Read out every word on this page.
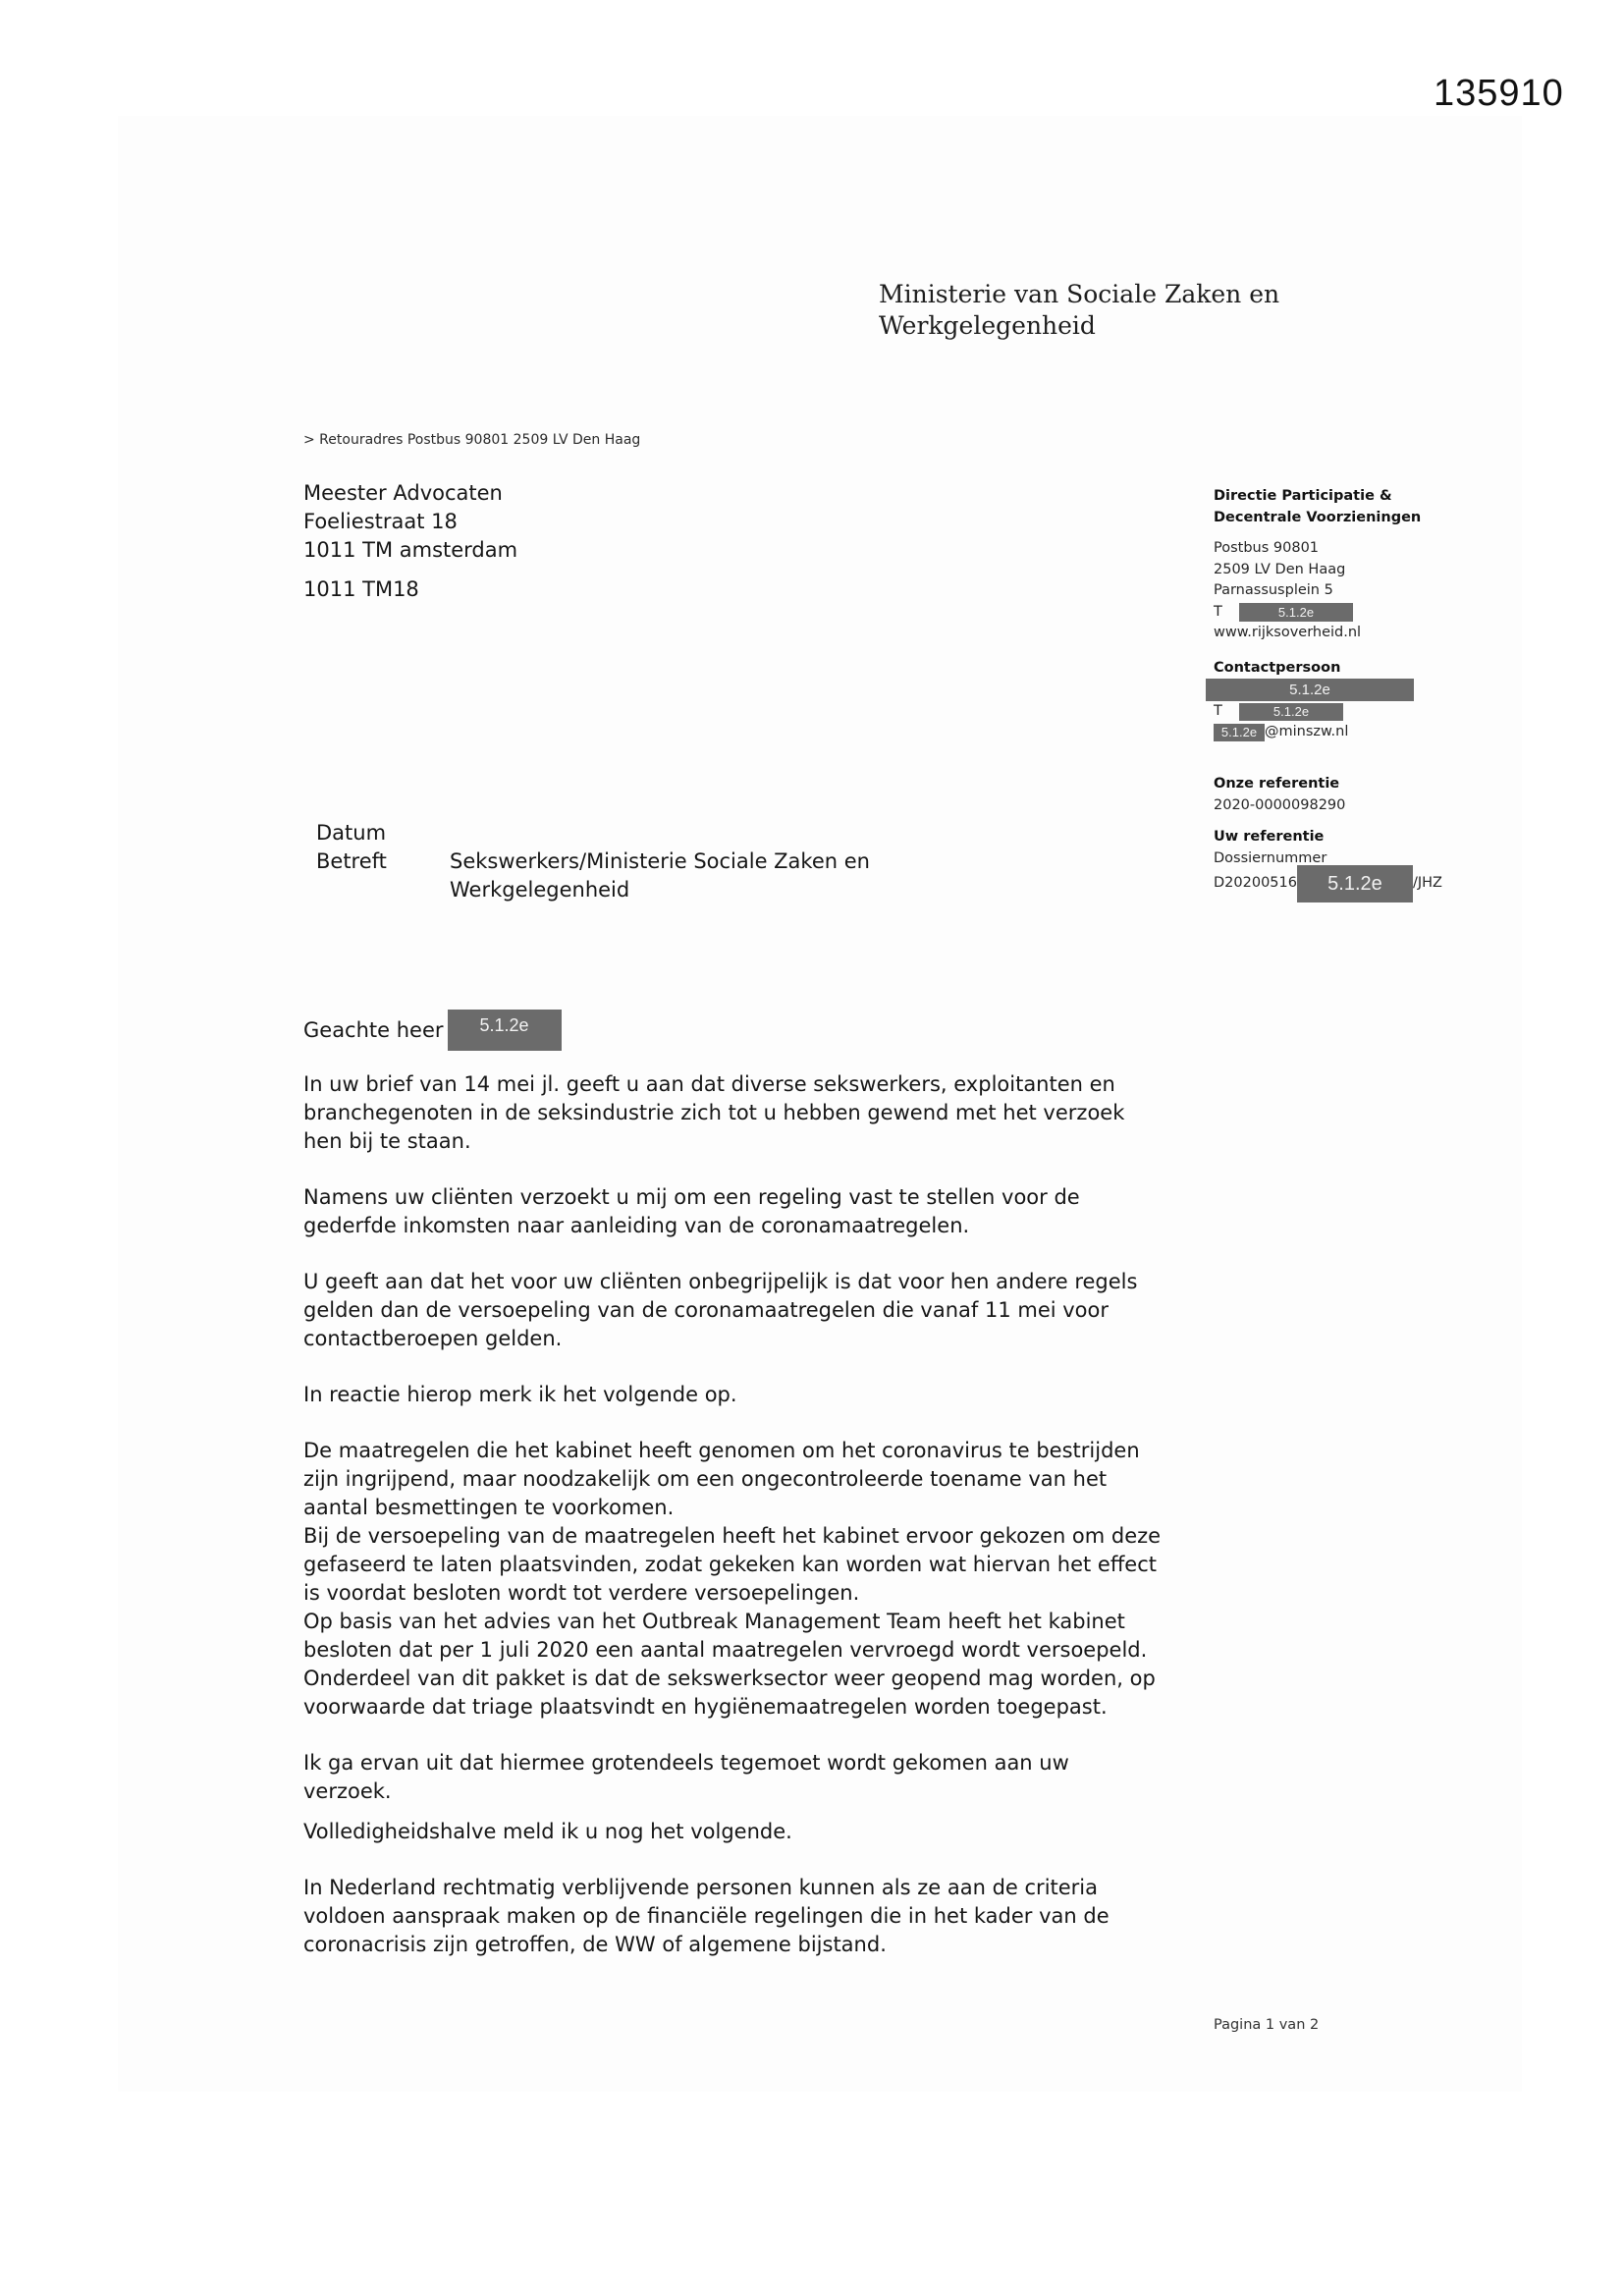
135910
Ministerie van Sociale Zaken en
Werkgelegenheid
> Retouradres Postbus 90801 2509 LV Den Haag
Meester Advocaten
Foeliestraat 18
1011 TM amsterdam
1011 TM18
Directie Participatie &
Decentrale Voorzieningen
Postbus 90801
2509 LV Den Haag
Parnassusplein 5
T	5.1.2e
www.rijksoverheid.nl
Contactpersoon
5.1.2e
T	5.1.2e
5.1.2e @minszw.nl
Onze referentie
2020-0000098290
Uw referentie
Dossiernummer
D20200516	5.1.2e	/JHZ
Datum
Betreft	Sekswerkers/Ministerie Sociale Zaken en
Werkgelegenheid
Geachte heer	5.1.2e

In uw brief van 14 mei jl. geeft u aan dat diverse sekswerkers, exploitanten en
branchegenoten in de seksindustrie zich tot u hebben gewend met het verzoek
hen bij te staan.

Namens uw cliënten verzoekt u mij om een regeling vast te stellen voor de
gederfde inkomsten naar aanleiding van de coronamaatregelen.

U geeft aan dat het voor uw cliënten onbegrijpelijk is dat voor hen andere regels
gelden dan de versoepeling van de coronamaatregelen die vanaf 11 mei voor
contactberoepen gelden.

In reactie hierop merk ik het volgende op.

De maatregelen die het kabinet heeft genomen om het coronavirus te bestrijden
zijn ingrijpend, maar noodzakelijk om een ongecontroleerde toename van het
aantal besmettingen te voorkomen.
Bij de versoepeling van de maatregelen heeft het kabinet ervoor gekozen om deze
gefaseerd te laten plaatsvinden, zodat gekeken kan worden wat hiervan het effect
is voordat besloten wordt tot verdere versoepelingen.
Op basis van het advies van het Outbreak Management Team heeft het kabinet
besloten dat per 1 juli 2020 een aantal maatregelen vervroegd wordt versoepeld.
Onderdeel van dit pakket is dat de sekswerksector weer geopend mag worden, op
voorwaarde dat triage plaatsvindt en hygiënemaatregelen worden toegepast.

Ik ga ervan uit dat hiermee grotendeels tegemoet wordt gekomen aan uw
verzoek.

Volledigheidshalve meld ik u nog het volgende.

In Nederland rechtmatig verblijvende personen kunnen als ze aan de criteria
voldoen aanspraak maken op de financiële regelingen die in het kader van de
coronacrisis zijn getroffen, de WW of algemene bijstand.

Pagina 1 van 2
